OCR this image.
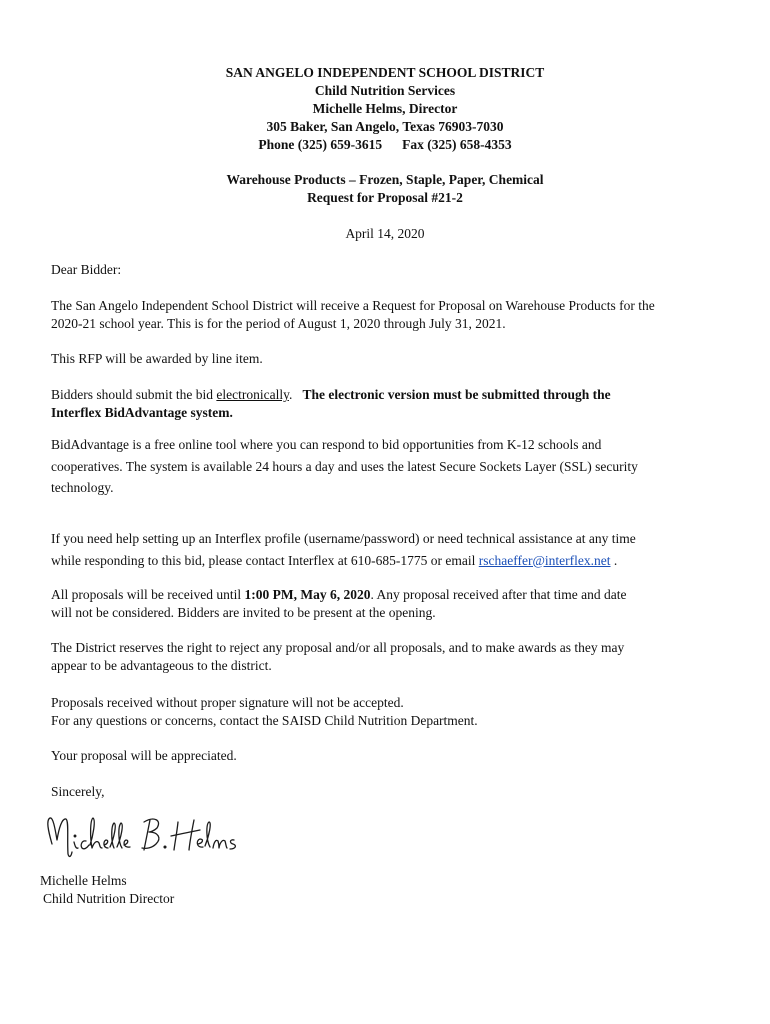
SAN ANGELO INDEPENDENT SCHOOL DISTRICT
Child Nutrition Services
Michelle Helms, Director
305 Baker, San Angelo, Texas 76903-7030
Phone (325) 659-3615 Fax (325) 658-4353
Warehouse Products – Frozen, Staple, Paper, Chemical
Request for Proposal #21-2
April 14, 2020
Dear Bidder:
The San Angelo Independent School District will receive a Request for Proposal on Warehouse Products for the
2020-21 school year. This is for the period of August 1, 2020 through July 31, 2021.
This RFP will be awarded by line item.
Bidders should submit the bid electronically.   The electronic version must be submitted through the
Interflex BidAdvantage system.
BidAdvantage is a free online tool where you can respond to bid opportunities from K-12 schools and
cooperatives. The system is available 24 hours a day and uses the latest Secure Sockets Layer (SSL) security
technology.
If you need help setting up an Interflex profile (username/password) or need technical assistance at any time
while responding to this bid, please contact Interflex at 610-685-1775 or email rschaeffer@interflex.net .
All proposals will be received until 1:00 PM, May 6, 2020. Any proposal received after that time and date
will not be considered. Bidders are invited to be present at the opening.
The District reserves the right to reject any proposal and/or all proposals, and to make awards as they may
appear to be advantageous to the district.
Proposals received without proper signature will not be accepted.
For any questions or concerns, contact the SAISD Child Nutrition Department.
Your proposal will be appreciated.
Sincerely,
Michelle Helms
Child Nutrition Director
